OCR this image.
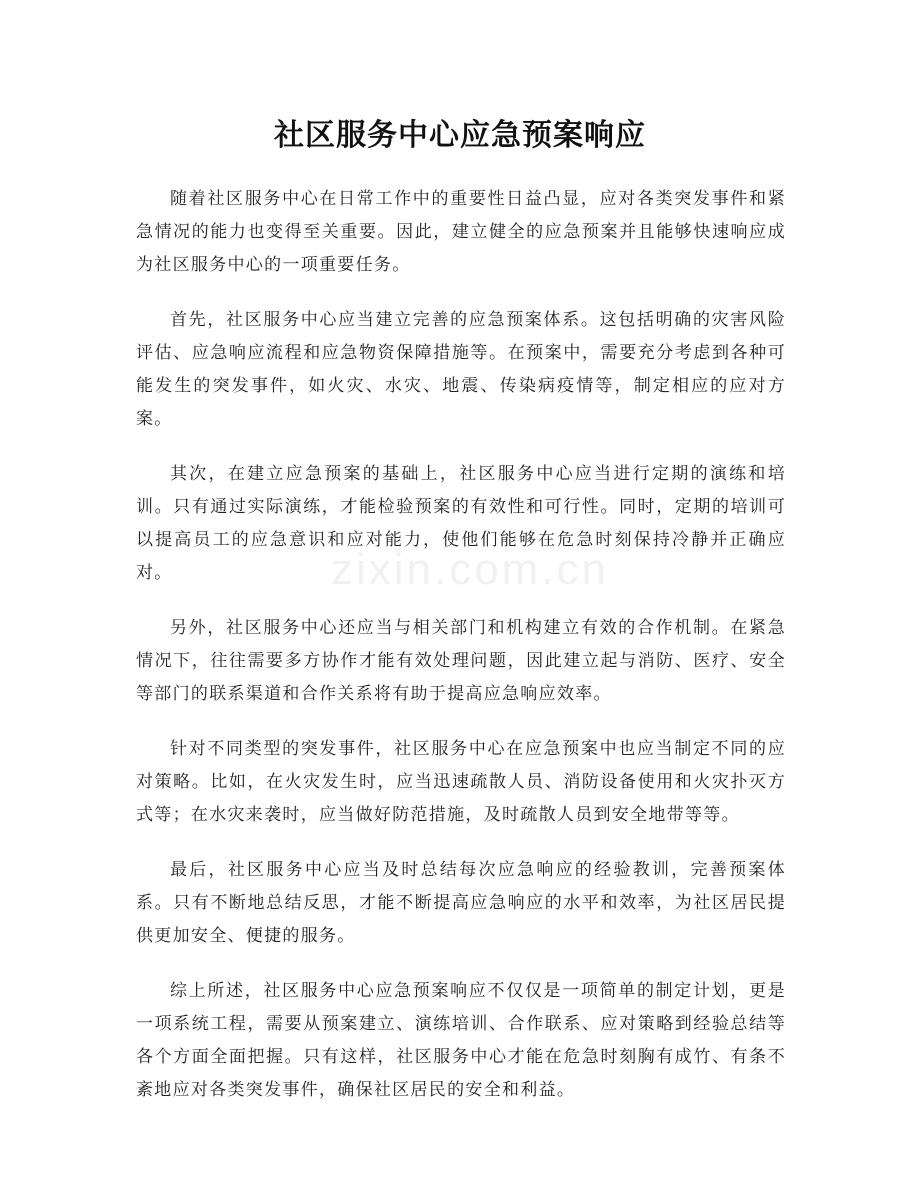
社区服务中心应急预案响应

随着社区服务中心在日常工作中的重要性日益凸显，应对各类突发事件和紧急情况的能力也变得至关重要。因此，建立健全的应急预案并且能够快速响应成为社区服务中心的一项重要任务。

首先，社区服务中心应当建立完善的应急预案体系。这包括明确的灾害风险评估、应急响应流程和应急物资保障措施等。在预案中，需要充分考虑到各种可能发生的突发事件，如火灾、水灾、地震、传染病疫情等，制定相应的应对方案。

其次，在建立应急预案的基础上，社区服务中心应当进行定期的演练和培训。只有通过实际演练，才能检验预案的有效性和可行性。同时，定期的培训可以提高员工的应急意识和应对能力，使他们能够在危急时刻保持冷静并正确应对。

另外，社区服务中心还应当与相关部门和机构建立有效的合作机制。在紧急情况下，往往需要多方协作才能有效处理问题，因此建立起与消防、医疗、安全等部门的联系渠道和合作关系将有助于提高应急响应效率。

针对不同类型的突发事件，社区服务中心在应急预案中也应当制定不同的应对策略。比如，在火灾发生时，应当迅速疏散人员、消防设备使用和火灾扑灭方式等；在水灾来袭时，应当做好防范措施，及时疏散人员到安全地带等等。

最后，社区服务中心应当及时总结每次应急响应的经验教训，完善预案体系。只有不断地总结反思，才能不断提高应急响应的水平和效率，为社区居民提供更加安全、便捷的服务。

综上所述，社区服务中心应急预案响应不仅仅是一项简单的制定计划，更是一项系统工程，需要从预案建立、演练培训、合作联系、应对策略到经验总结等各个方面全面把握。只有这样，社区服务中心才能在危急时刻胸有成竹、有条不紊地应对各类突发事件，确保社区居民的安全和利益。

zixin.com.cn
